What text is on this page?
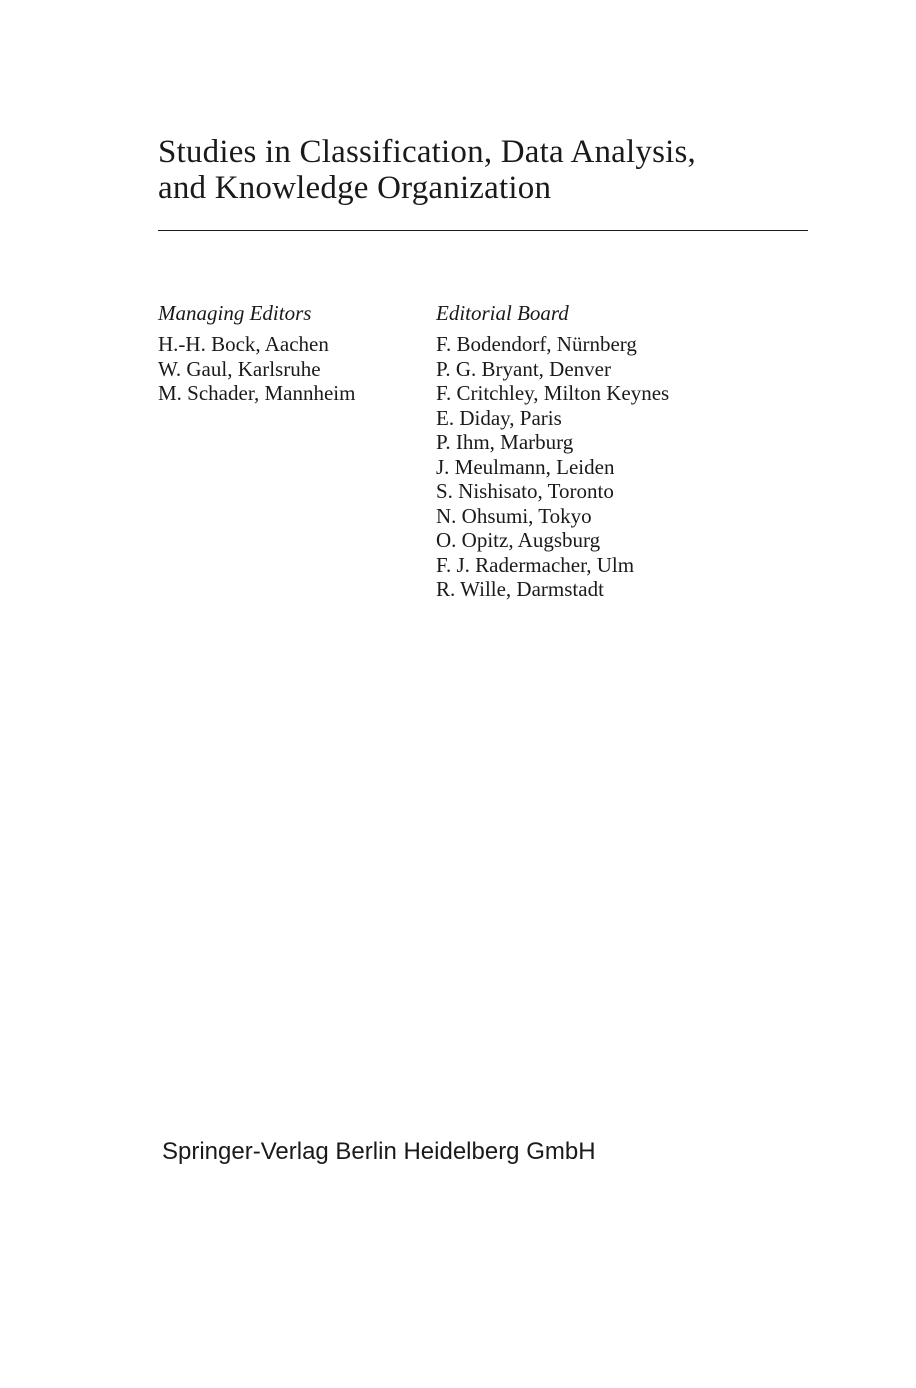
Studies in Classification, Data Analysis,
and Knowledge Organization
Managing Editors
H.-H. Bock, Aachen
W. Gaul, Karlsruhe
M. Schader, Mannheim
Editorial Board
F. Bodendorf, Nürnberg
P. G. Bryant, Denver
F. Critchley, Milton Keynes
E. Diday, Paris
P. Ihm, Marburg
J. Meulmann, Leiden
S. Nishisato, Toronto
N. Ohsumi, Tokyo
O. Opitz, Augsburg
F. J. Radermacher, Ulm
R. Wille, Darmstadt
Springer-Verlag Berlin Heidelberg GmbH
